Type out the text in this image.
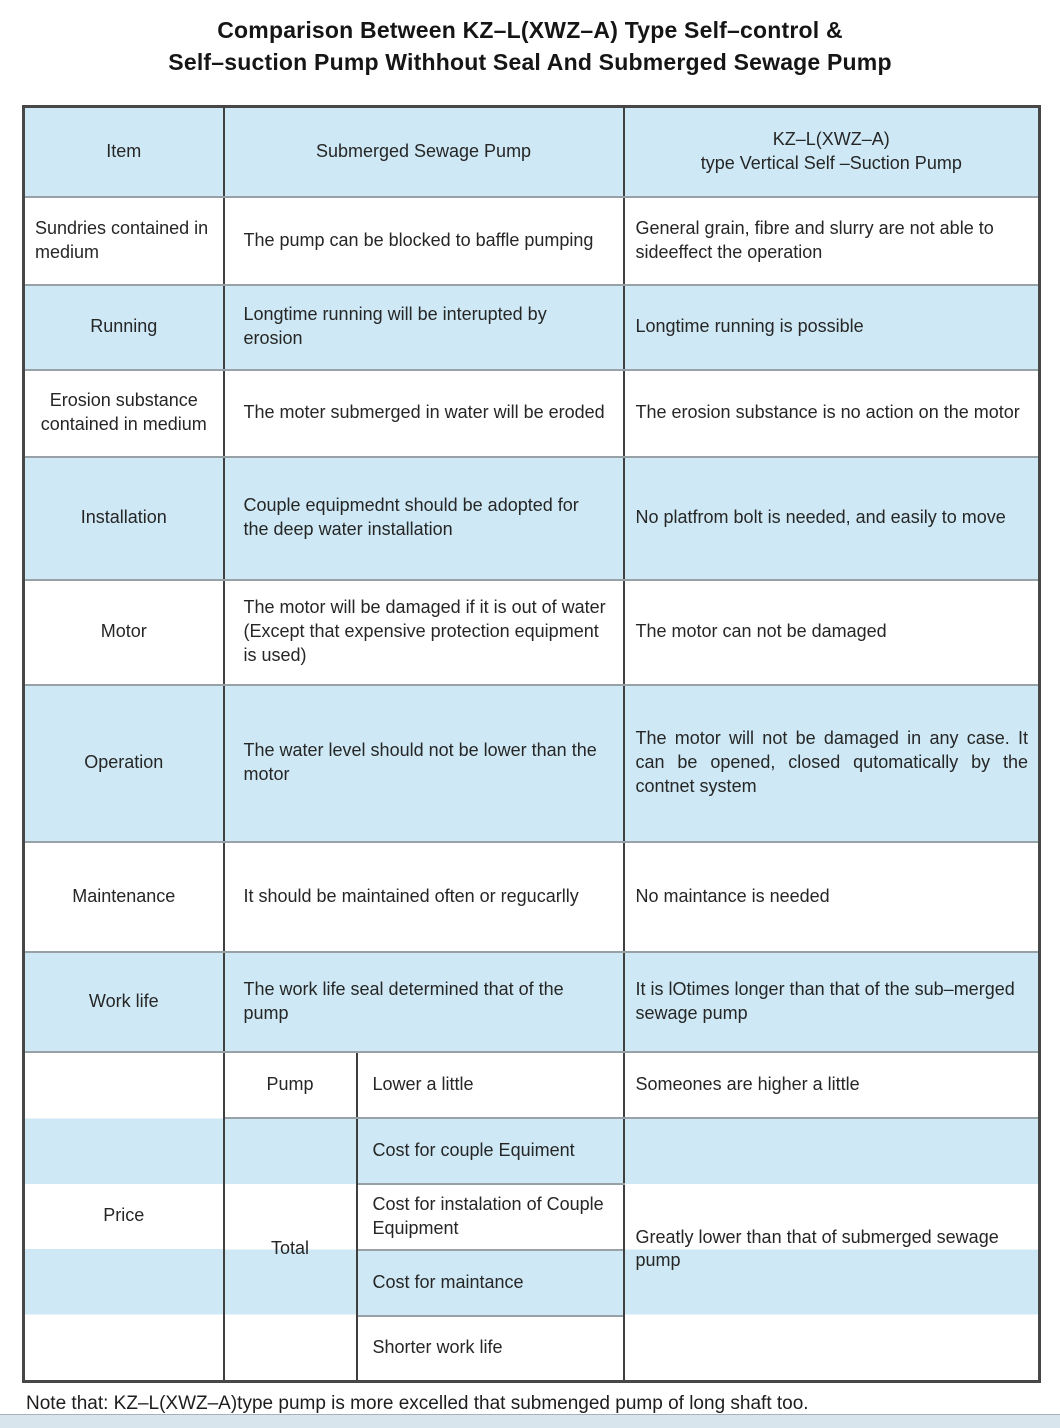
Comparison Between KZ–L(XWZ–A) Type Self–control &
Self–suction Pump Withhout Seal And Submerged Sewage Pump
Item	Submerged Sewage Pump		KZ–L(XWZ–A)
type Vertical Self –Suction Pump

Sundries contained in medium	The pump can be blocked to baffle pumping		General grain, fibre and slurry are not able to sideeffect the operation
Running	Longtime running will be interupted by erosion		Longtime running is possible
Erosion substance contained in medium	The moter submerged in water will be eroded		The erosion substance is no action on the motor
Installation	Couple equipmednt should be adopted for the deep water installation		No platfrom bolt is needed, and easily to move
Motor	The motor will be damaged if it is out of water (Except that expensive protection equipment is used)		The motor can not be damaged
Operation	The water level should not be lower than the motor		The motor will not be damaged in any case. It can be opened, closed qutomatically by the contnet system
Maintenance	It should be maintained often or regucarlly		No maintance is needed
Work life	The work life seal determined that of the pump		It is lOtimes longer than that of the sub–merged sewage pump
Price	Pump	Lower a little	Someones are higher a little
	Total	Cost for couple Equiment	Greatly lower than that of submerged sewage pump
		Cost for instalation of Couple Equipment	
		Cost for maintance	
		Shorter work life	
Note that: KZ–L(XWZ–A)type pump is more excelled that submenged pump of long shaft too.
